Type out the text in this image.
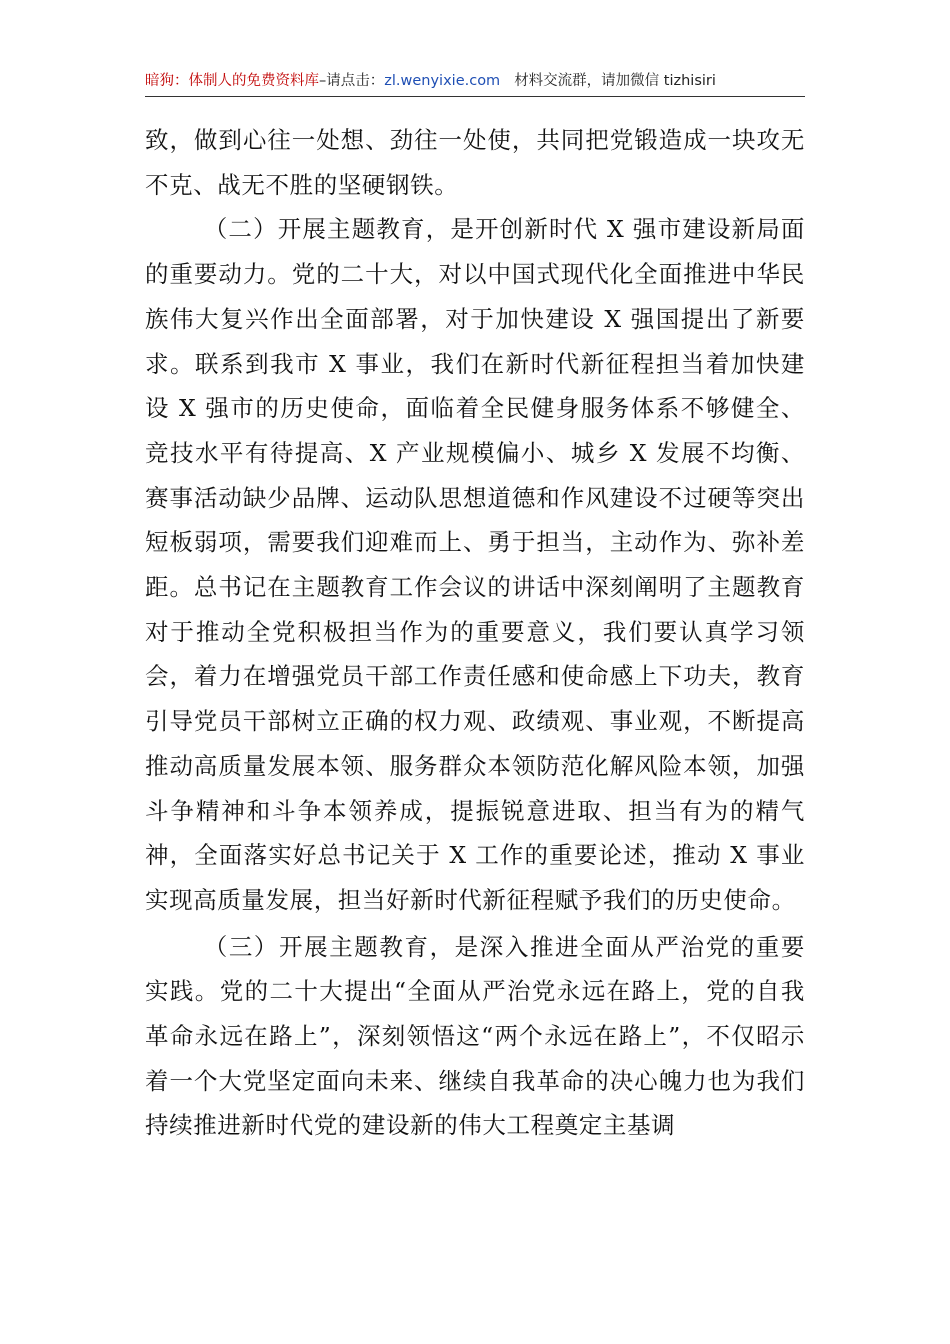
暗狗：体制人的免费资料库–请点击：zl.wenyixie.com 材料交流群，请加微信 tizhisiri

致，做到心往一处想、劲往一处使，共同把党锻造成一块攻无不克、战无不胜的坚硬钢铁。

（二）开展主题教育，是开创新时代 X 强市建设新局面的重要动力。党的二十大，对以中国式现代化全面推进中华民族伟大复兴作出全面部署，对于加快建设 X 强国提出了新要求。联系到我市 X 事业，我们在新时代新征程担当着加快建设 X 强市的历史使命，面临着全民健身服务体系不够健全、竞技水平有待提高、X 产业规模偏小、城乡 X 发展不均衡、赛事活动缺少品牌、运动队思想道德和作风建设不过硬等突出短板弱项，需要我们迎难而上、勇于担当，主动作为、弥补差距。总书记在主题教育工作会议的讲话中深刻阐明了主题教育对于推动全党积极担当作为的重要意义，我们要认真学习领会，着力在增强党员干部工作责任感和使命感上下功夫，教育引导党员干部树立正确的权力观、政绩观、事业观，不断提高推动高质量发展本领、服务群众本领防范化解风险本领，加强斗争精神和斗争本领养成，提振锐意进取、担当有为的精气神，全面落实好总书记关于 X 工作的重要论述，推动 X 事业实现高质量发展，担当好新时代新征程赋予我们的历史使命。

（三）开展主题教育，是深入推进全面从严治党的重要实践。党的二十大提出“全面从严治党永远在路上，党的自我革命永远在路上”，深刻领悟这“两个永远在路上”，不仅昭示着一个大党坚定面向未来、继续自我革命的决心魄力也为我们持续推进新时代党的建设新的伟大工程奠定主基调
